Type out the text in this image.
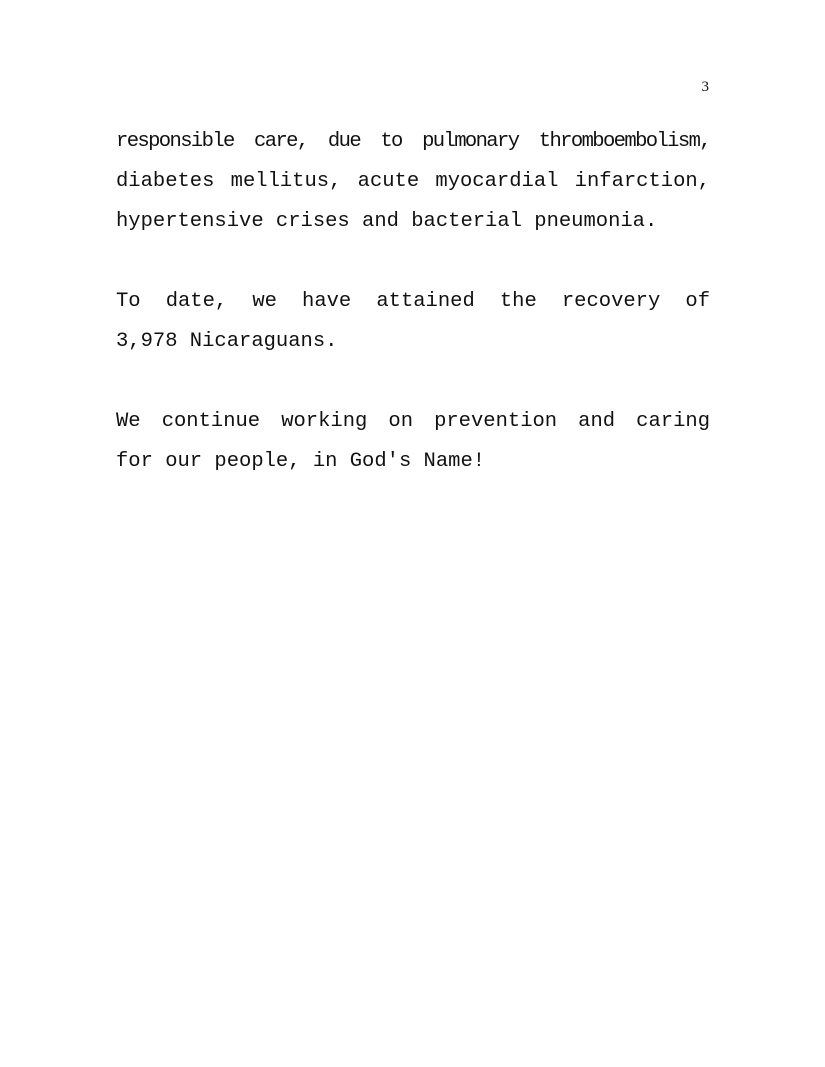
3
responsible care, due to pulmonary thromboembolism,
diabetes mellitus, acute myocardial infarction,
hypertensive crises and bacterial pneumonia.
To date, we have attained the recovery of
3,978 Nicaraguans.
We continue working on prevention and caring
for our people, in God's Name!
